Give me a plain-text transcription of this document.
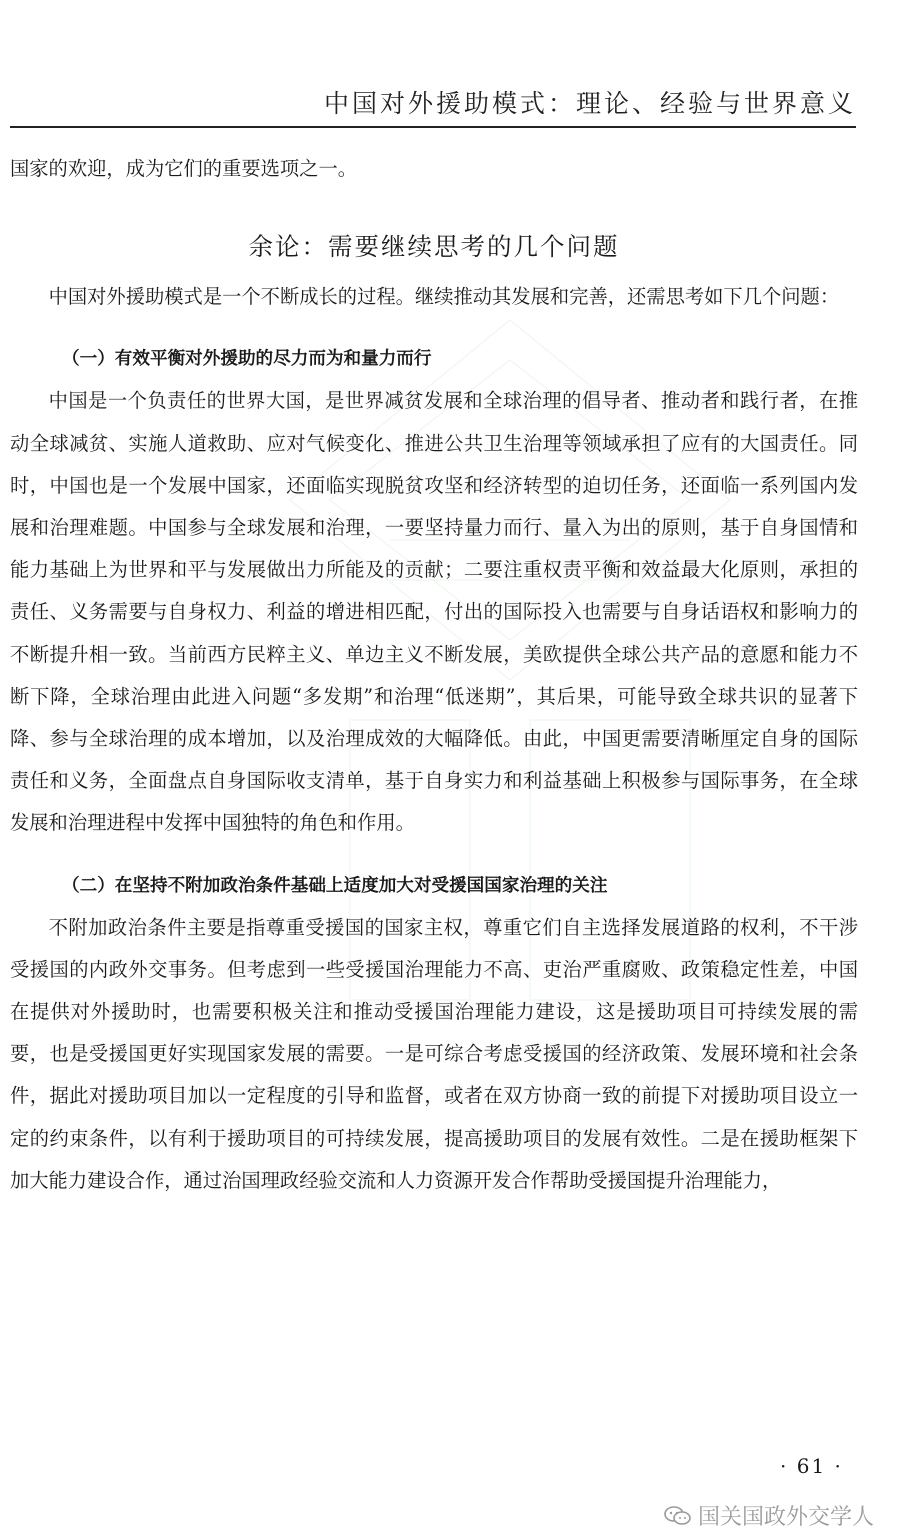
中国对外援助模式：理论、经验与世界意义

国家的欢迎，成为它们的重要选项之一。

余论：需要继续思考的几个问题

中国对外援助模式是一个不断成长的过程。继续推动其发展和完善，还需思考如下几个问题：

（一）有效平衡对外援助的尽力而为和量力而行

中国是一个负责任的世界大国，是世界减贫发展和全球治理的倡导者、推动者和践行者，在推动全球减贫、实施人道救助、应对气候变化、推进公共卫生治理等领域承担了应有的大国责任。同时，中国也是一个发展中国家，还面临实现脱贫攻坚和经济转型的迫切任务，还面临一系列国内发展和治理难题。中国参与全球发展和治理，一要坚持量力而行、量入为出的原则，基于自身国情和能力基础上为世界和平与发展做出力所能及的贡献；二要注重权责平衡和效益最大化原则，承担的责任、义务需要与自身权力、利益的增进相匹配，付出的国际投入也需要与自身话语权和影响力的不断提升相一致。当前西方民粹主义、单边主义不断发展，美欧提供全球公共产品的意愿和能力不断下降，全球治理由此进入问题“多发期”和治理“低迷期”，其后果，可能导致全球共识的显著下降、参与全球治理的成本增加，以及治理成效的大幅降低。由此，中国更需要清晰厘定自身的国际责任和义务，全面盘点自身国际收支清单，基于自身实力和利益基础上积极参与国际事务，在全球发展和治理进程中发挥中国独特的角色和作用。

（二）在坚持不附加政治条件基础上适度加大对受援国国家治理的关注

不附加政治条件主要是指尊重受援国的国家主权，尊重它们自主选择发展道路的权利，不干涉受援国的内政外交事务。但考虑到一些受援国治理能力不高、吏治严重腐败、政策稳定性差，中国在提供对外援助时，也需要积极关注和推动受援国治理能力建设，这是援助项目可持续发展的需要，也是受援国更好实现国家发展的需要。一是可综合考虑受援国的经济政策、发展环境和社会条件，据此对援助项目加以一定程度的引导和监督，或者在双方协商一致的前提下对援助项目设立一定的约束条件，以有利于援助项目的可持续发展，提高援助项目的发展有效性。二是在援助框架下加大能力建设合作，通过治国理政经验交流和人力资源开发合作帮助受援国提升治理能力，

· 61 ·
国关国政外交学人
